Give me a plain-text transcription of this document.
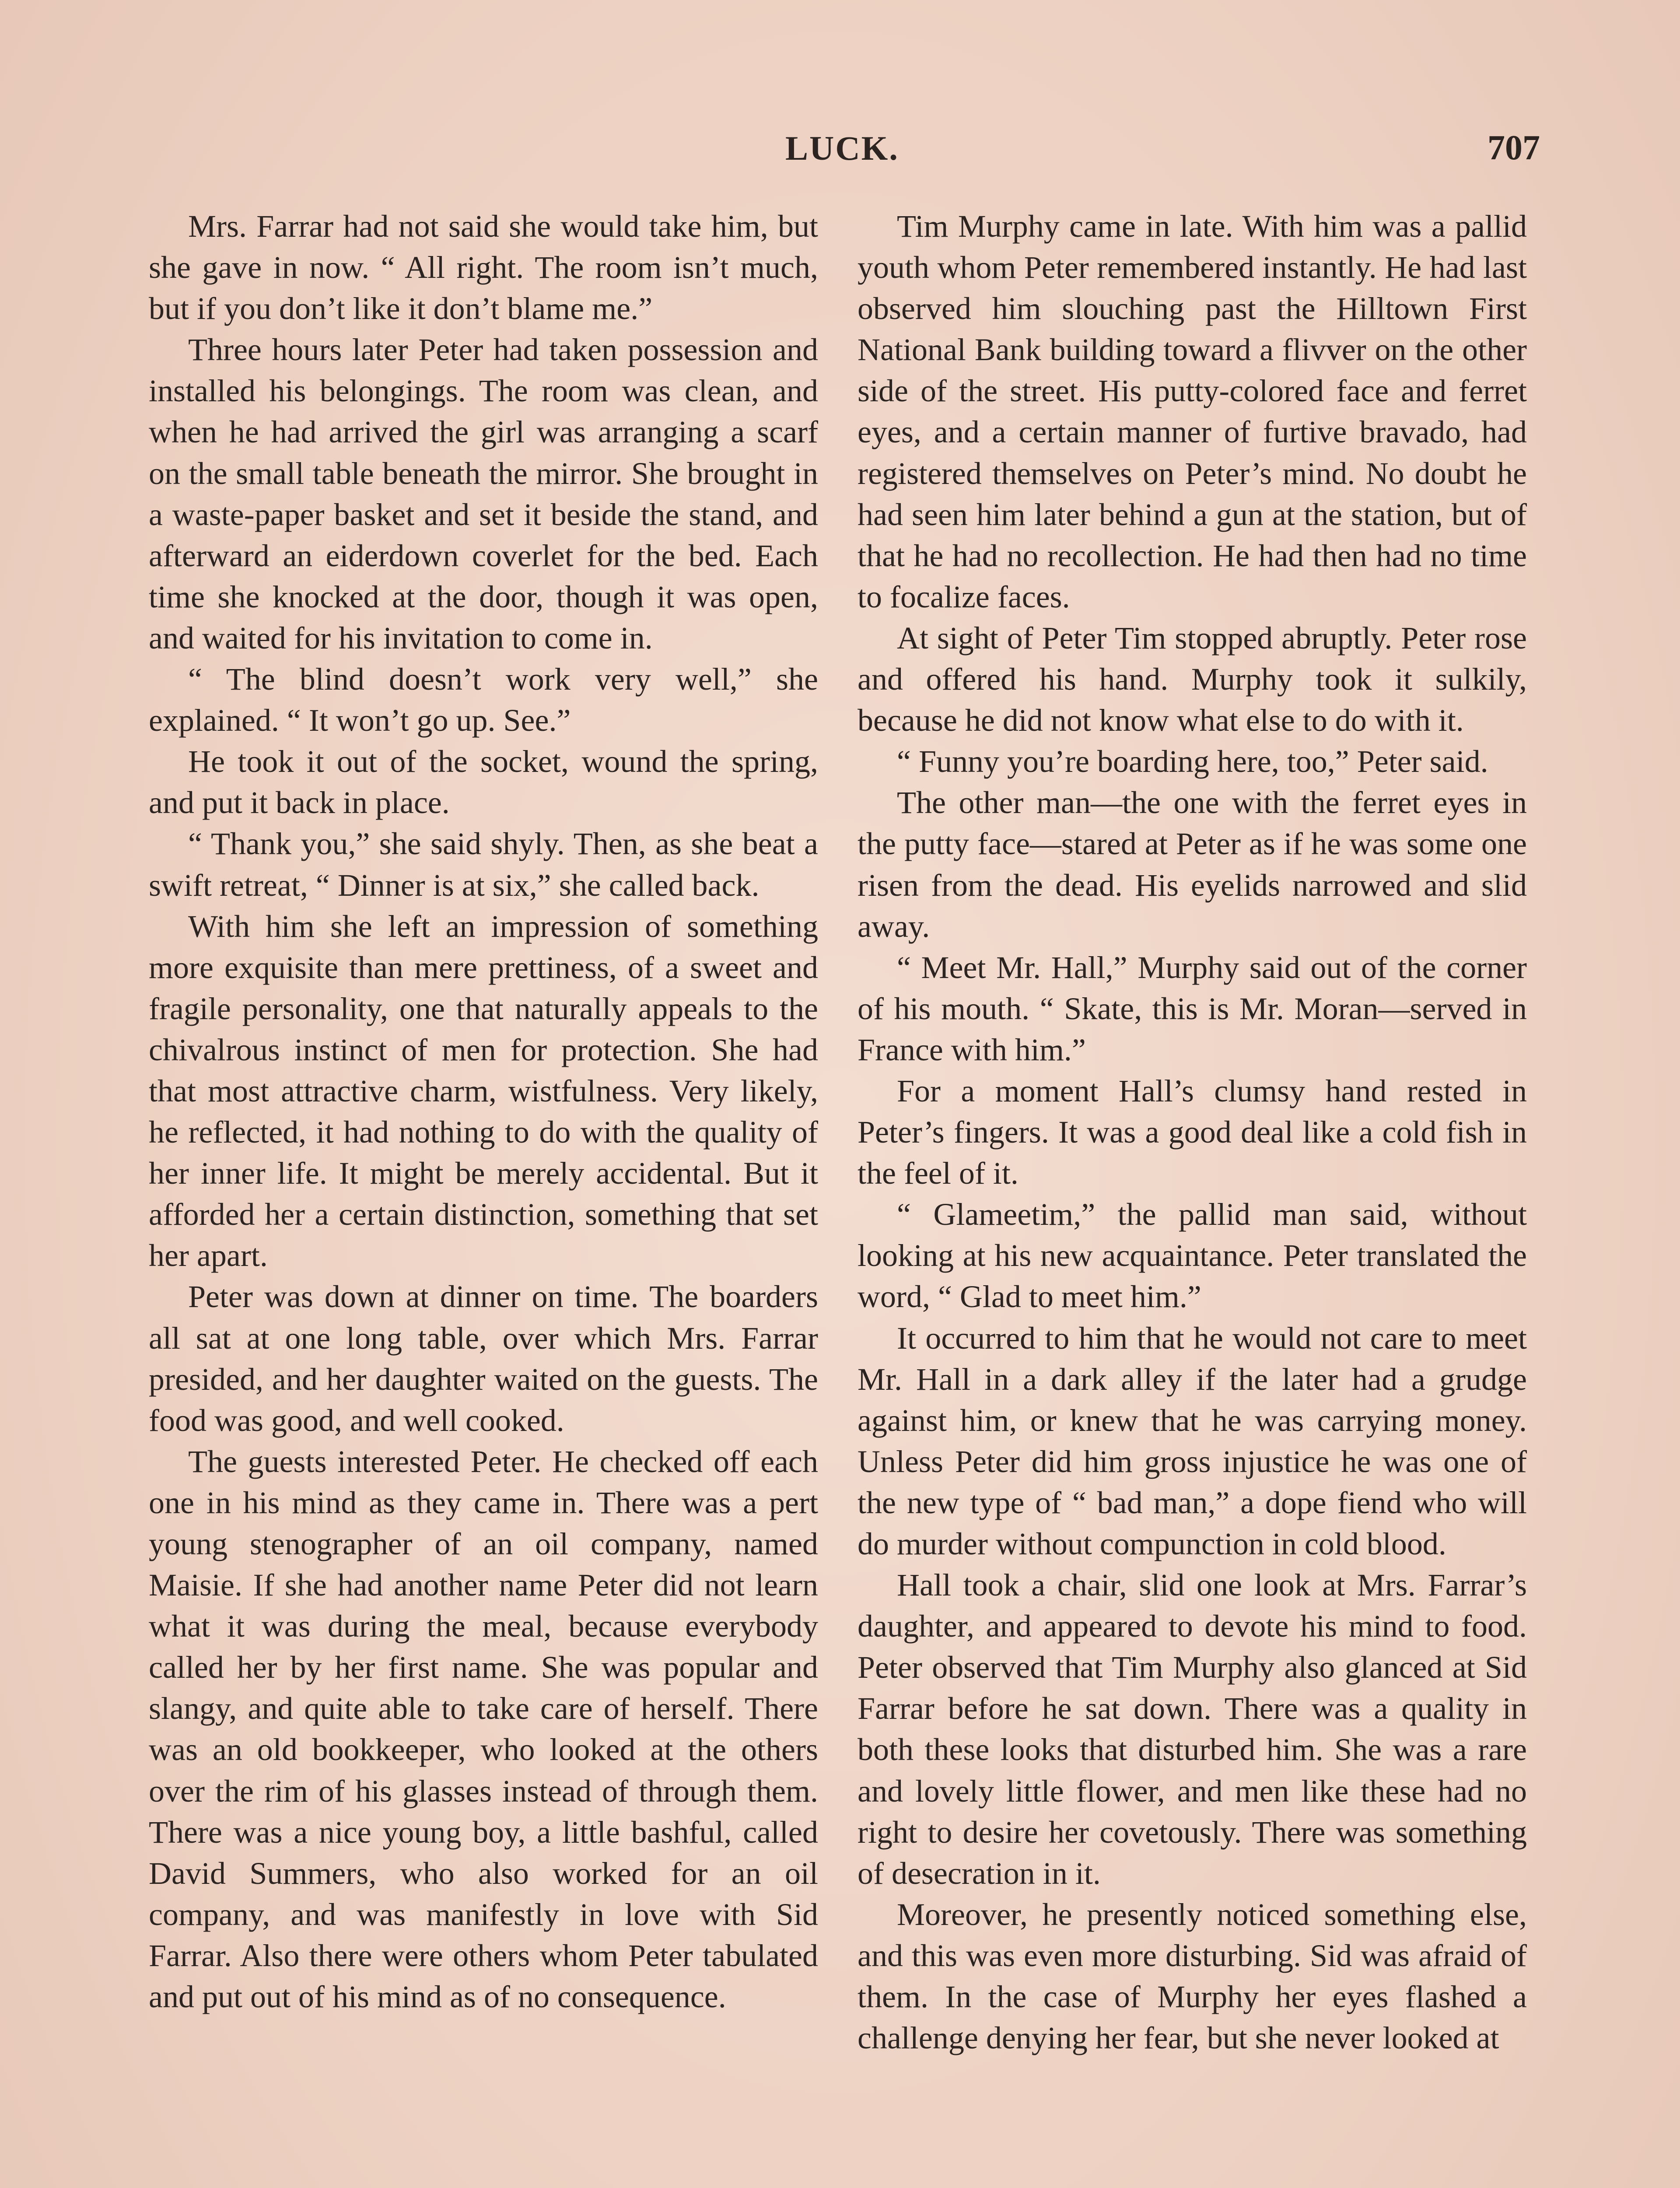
LUCK.	707

Mrs. Farrar had not said she would take him, but she gave in now. “ All right. The room isn’t much, but if you don’t like it don’t blame me.”

Three hours later Peter had taken possession and installed his belongings. The room was clean, and when he had arrived the girl was arranging a scarf on the small table beneath the mirror. She brought in a waste-paper basket and set it beside the stand, and afterward an eiderdown coverlet for the bed. Each time she knocked at the door, though it was open, and waited for his invitation to come in.

“ The blind doesn’t work very well,” she explained. “ It won’t go up. See.”

He took it out of the socket, wound the spring, and put it back in place.

“ Thank you,” she said shyly. Then, as she beat a swift retreat, “ Dinner is at six,” she called back.

With him she left an impression of something more exquisite than mere prettiness, of a sweet and fragile personality, one that naturally appeals to the chivalrous instinct of men for protection. She had that most attractive charm, wistfulness. Very likely, he reflected, it had nothing to do with the quality of her inner life. It might be merely accidental. But it afforded her a certain distinction, something that set her apart.

Peter was down at dinner on time. The boarders all sat at one long table, over which Mrs. Farrar presided, and her daughter waited on the guests. The food was good, and well cooked.

The guests interested Peter. He checked off each one in his mind as they came in. There was a pert young stenographer of an oil company, named Maisie. If she had another name Peter did not learn what it was during the meal, because everybody called her by her first name. She was popular and slangy, and quite able to take care of herself. There was an old bookkeeper, who looked at the others over the rim of his glasses instead of through them. There was a nice young boy, a little bashful, called David Summers, who also worked for an oil company, and was manifestly in love with Sid Farrar. Also there were others whom Peter tabulated and put out of his mind as of no consequence.

Tim Murphy came in late. With him was a pallid youth whom Peter remembered instantly. He had last observed him slouching past the Hilltown First National Bank building toward a flivver on the other side of the street. His putty-colored face and ferret eyes, and a certain manner of furtive bravado, had registered themselves on Peter’s mind. No doubt he had seen him later behind a gun at the station, but of that he had no recollection. He had then had no time to focalize faces.

At sight of Peter Tim stopped abruptly. Peter rose and offered his hand. Murphy took it sulkily, because he did not know what else to do with it.

“ Funny you’re boarding here, too,” Peter said.

The other man—the one with the ferret eyes in the putty face—stared at Peter as if he was some one risen from the dead. His eyelids narrowed and slid away.

“ Meet Mr. Hall,” Murphy said out of the corner of his mouth. “ Skate, this is Mr. Moran—served in France with him.”

For a moment Hall’s clumsy hand rested in Peter’s fingers. It was a good deal like a cold fish in the feel of it.

“ Glameetim,” the pallid man said, without looking at his new acquaintance. Peter translated the word, “ Glad to meet him.”

It occurred to him that he would not care to meet Mr. Hall in a dark alley if the later had a grudge against him, or knew that he was carrying money. Unless Peter did him gross injustice he was one of the new type of “ bad man,” a dope fiend who will do murder without compunction in cold blood.

Hall took a chair, slid one look at Mrs. Farrar’s daughter, and appeared to devote his mind to food. Peter observed that Tim Murphy also glanced at Sid Farrar before he sat down. There was a quality in both these looks that disturbed him. She was a rare and lovely little flower, and men like these had no right to desire her covetously. There was something of desecration in it.

Moreover, he presently noticed something else, and this was even more disturbing. Sid was afraid of them. In the case of Murphy her eyes flashed a challenge denying her fear, but she never looked at
